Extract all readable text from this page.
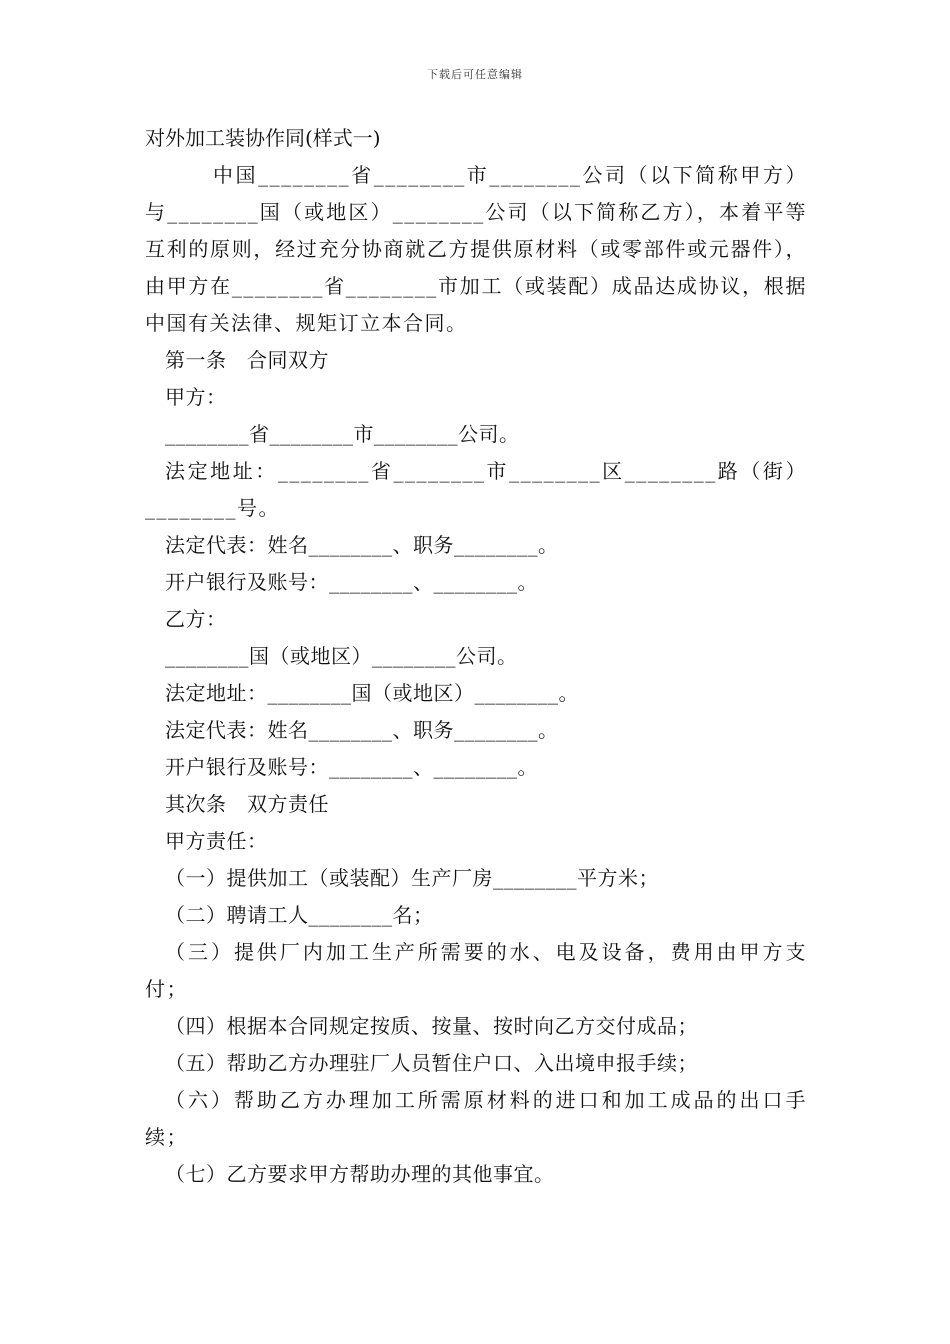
下载后可任意编辑

对外加工装协作同(样式一)

中国________省________市________公司（以下简称甲方）与________国（或地区）________公司（以下简称乙方），本着平等互利的原则，经过充分协商就乙方提供原材料（或零部件或元器件），由甲方在________省________市加工（或装配）成品达成协议，根据中国有关法律、规矩订立本合同。

第一条　合同双方

甲方：

________省________市________公司。

法定地址：________省________市________区________路（街）________号。

法定代表：姓名________、职务________。

开户银行及账号：________、________。

乙方：

________国（或地区）________公司。

法定地址：________国（或地区）________。

法定代表：姓名________、职务________。

开户银行及账号：________、________。

其次条　双方责任

甲方责任：

（一）提供加工（或装配）生产厂房________平方米；

（二）聘请工人________名；

（三）提供厂内加工生产所需要的水、电及设备，费用由甲方支付；

（四）根据本合同规定按质、按量、按时向乙方交付成品；

（五）帮助乙方办理驻厂人员暂住户口、入出境申报手续；

（六）帮助乙方办理加工所需原材料的进口和加工成品的出口手续；

（七）乙方要求甲方帮助办理的其他事宜。
